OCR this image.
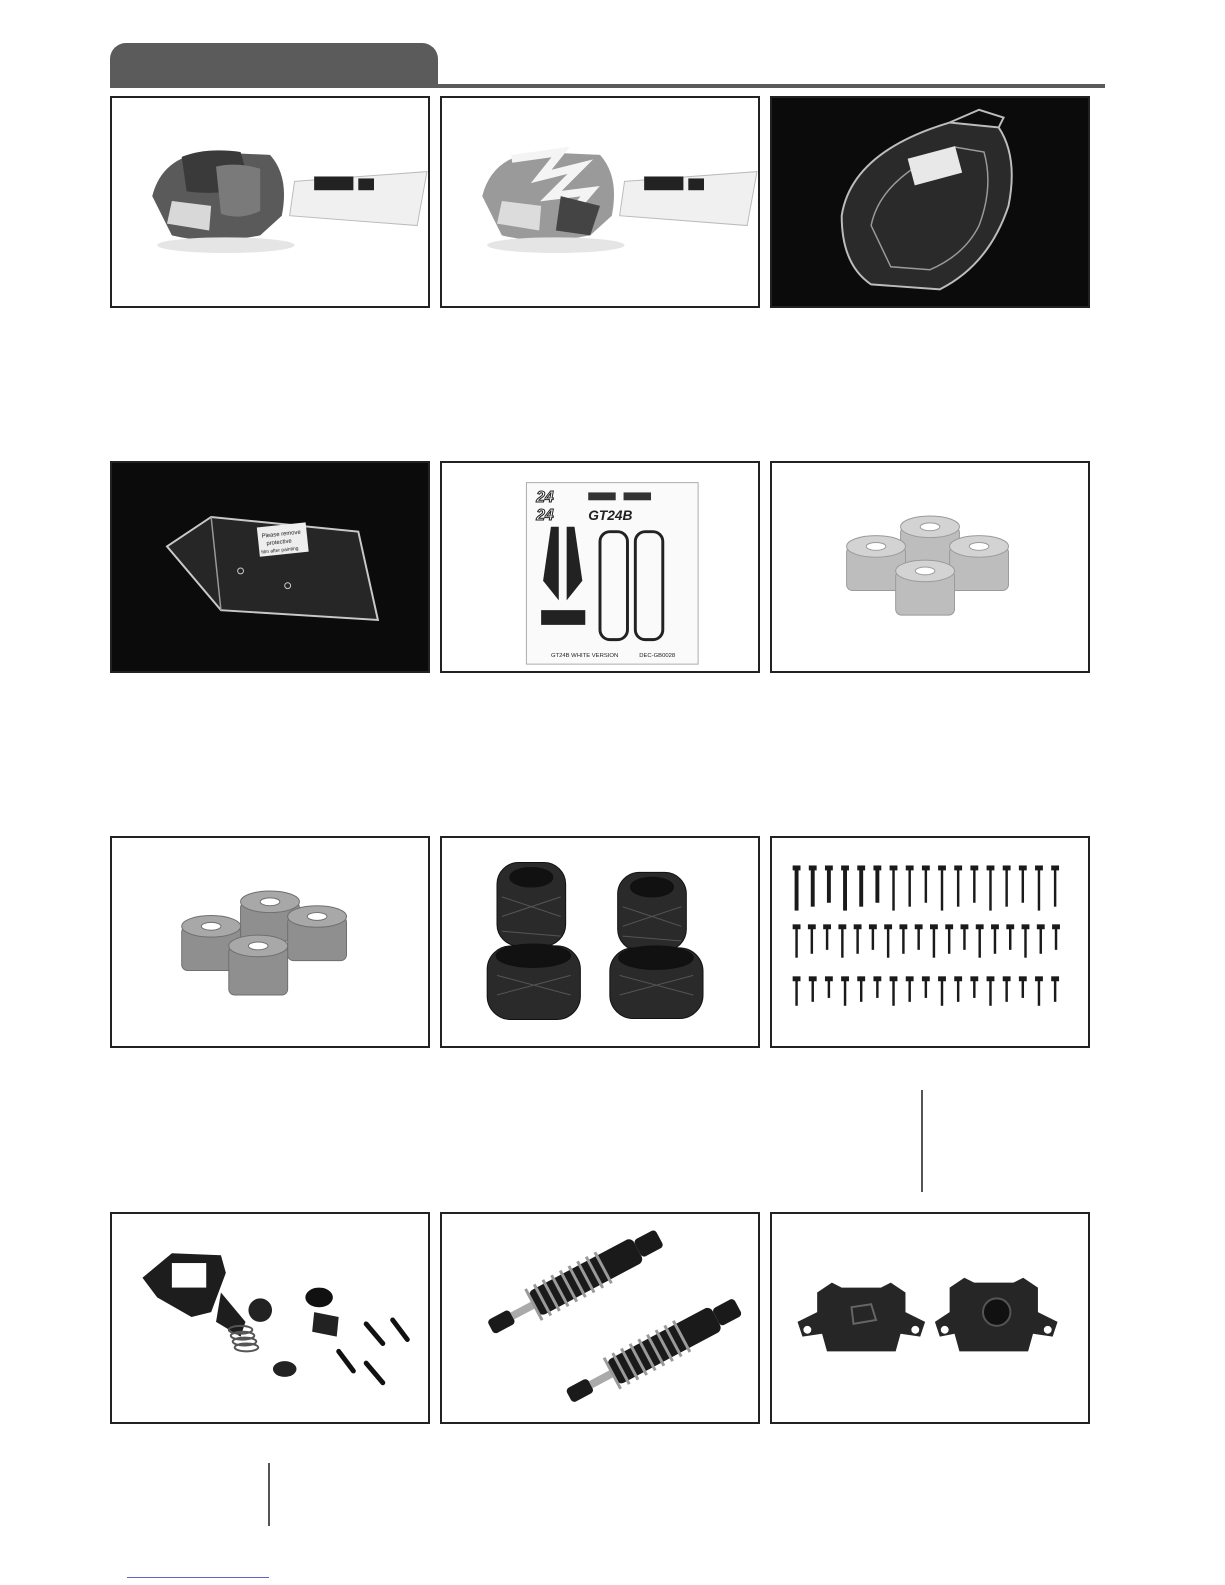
Please remove
protective
film after painting
24
24 GT24B
GT24B WHITE VERSION	DEC-GB0028
